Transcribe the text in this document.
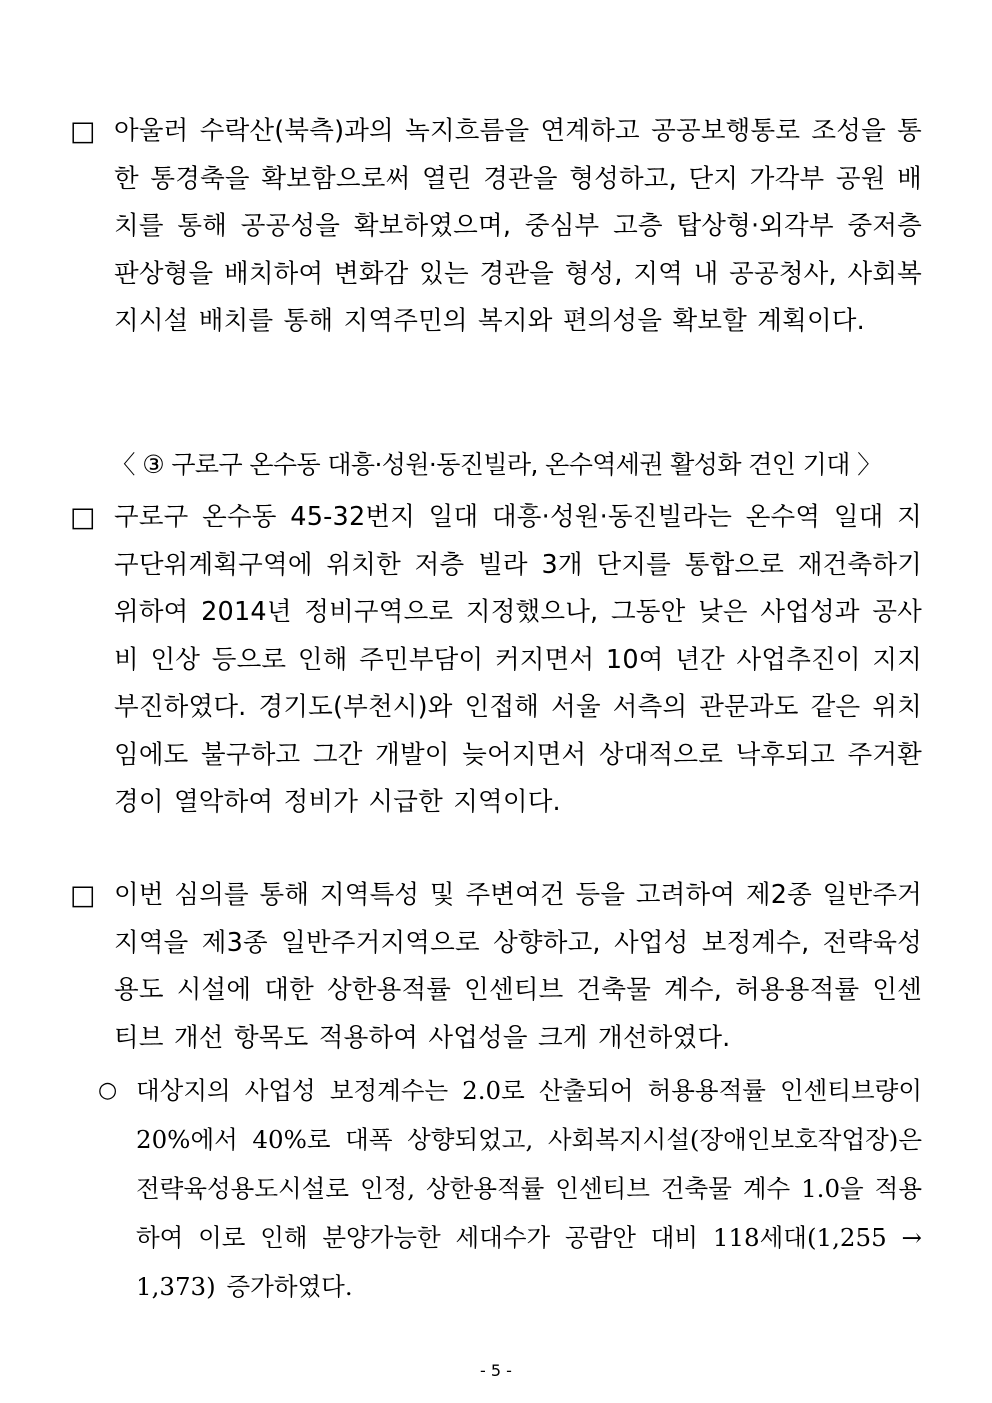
□ 아울러 수락산(북측)과의 녹지흐름을 연계하고 공공보행통로 조성을 통한 통경축을 확보함으로써 열린 경관을 형성하고, 단지 가각부 공원 배치를 통해 공공성을 확보하였으며, 중심부 고층 탑상형·외각부 중저층 판상형을 배치하여 변화감 있는 경관을 형성, 지역 내 공공청사, 사회복지시설 배치를 통해 지역주민의 복지와 편의성을 확보할 계획이다.
〈 ③ 구로구 온수동 대흥·성원·동진빌라, 온수역세권 활성화 견인 기대 〉
□ 구로구 온수동 45-32번지 일대 대흥·성원·동진빌라는 온수역 일대 지구단위계획구역에 위치한 저층 빌라 3개 단지를 통합으로 재건축하기 위하여 2014년 정비구역으로 지정했으나, 그동안 낮은 사업성과 공사비 인상 등으로 인해 주민부담이 커지면서 10여 년간 사업추진이 지지부진하였다. 경기도(부천시)와 인접해 서울 서측의 관문과도 같은 위치임에도 불구하고 그간 개발이 늦어지면서 상대적으로 낙후되고 주거환경이 열악하여 정비가 시급한 지역이다.
□ 이번 심의를 통해 지역특성 및 주변여건 등을 고려하여 제2종 일반주거지역을 제3종 일반주거지역으로 상향하고, 사업성 보정계수, 전략육성용도 시설에 대한 상한용적률 인센티브 건축물 계수, 허용용적률 인센티브 개선 항목도 적용하여 사업성을 크게 개선하였다.
○ 대상지의 사업성 보정계수는 2.0로 산출되어 허용용적률 인센티브량이 20%에서 40%로 대폭 상향되었고, 사회복지시설(장애인보호작업장)은 전략육성용도시설로 인정, 상한용적률 인센티브 건축물 계수 1.0을 적용하여 이로 인해 분양가능한 세대수가 공람안 대비 118세대(1,255 → 1,373) 증가하였다.
- 5 -
